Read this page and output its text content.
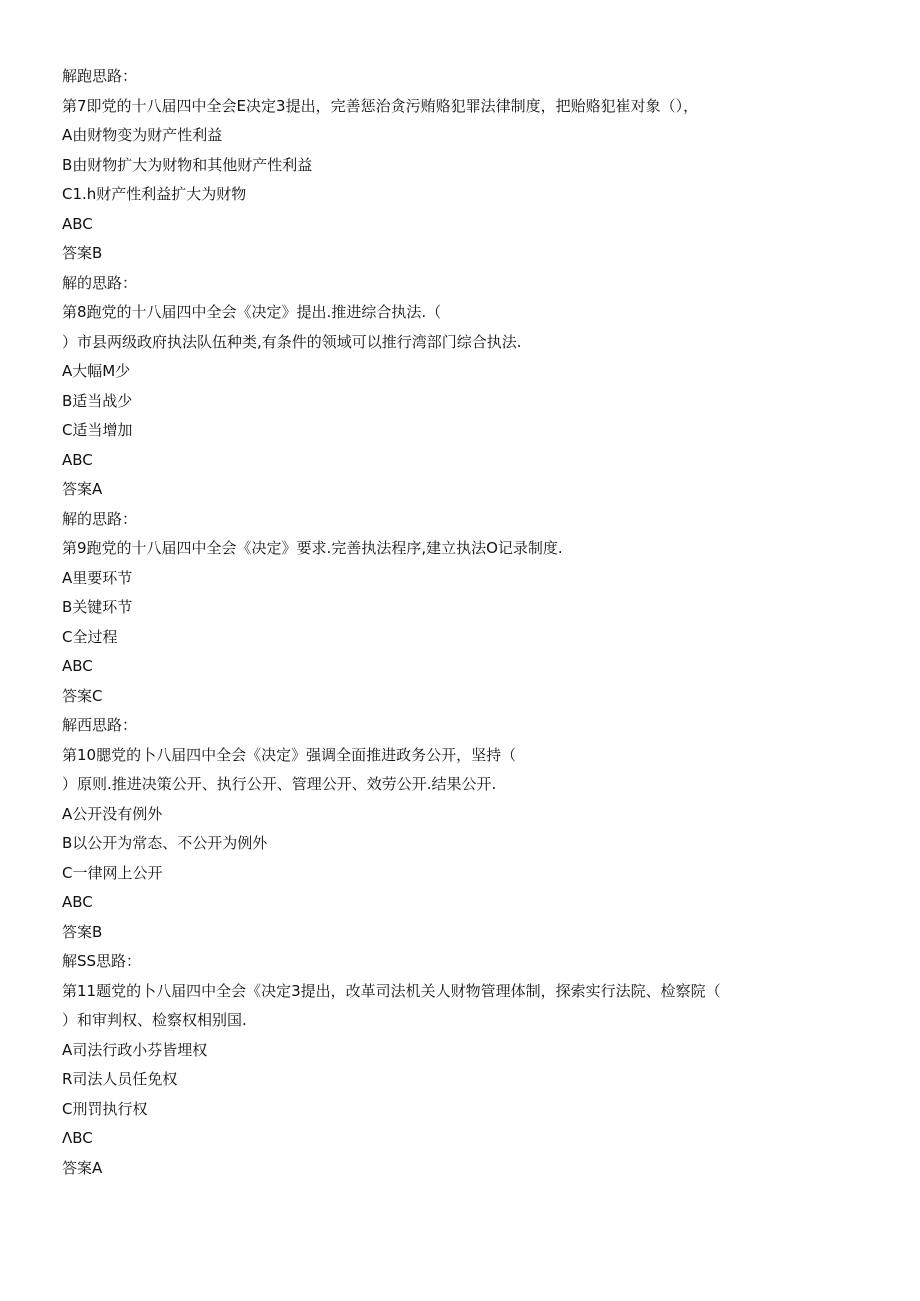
解跑思路：
第7即党的十八届四中全会E决定3提出，完善惩治贪污贿赂犯罪法律制度，把贻赂犯崔对象（），
A由财物变为财产性利益
B由财物扩大为财物和其他财产性利益
C1.h财产性利益扩大为财物
ABC
答案B
解的思路：
第8跑党的十八届四中全会《决定》提出.推进综合执法.（
）市县两级政府执法队伍种类,有条件的领域可以推行湾部门综合执法.
A大幅M少
B适当战少
C适当增加
ABC
答案A
解的思路：
第9跑党的十八届四中全会《决定》要求.完善执法程序,建立执法O记录制度.
A里要环节
B关键环节
C全过程
ABC
答案C
解西思路：
第10腮党的卜八届四中全会《决定》强调全面推进政务公开，坚持（
）原则.推进决策公开、执行公开、管理公开、效劳公开.结果公开.
A公开没有例外
B以公开为常态、不公开为例外
C一律网上公开
ABC
答案B
解SS思路：
第11题党的卜八届四中全会《决定3提出，改革司法机关人财物管理体制，探索实行法院、检察院（
）和审判权、检察权相别国.
A司法行政小芬皆埋权
R司法人员任免权
C刑罚执行权
ΛBC
答案A
